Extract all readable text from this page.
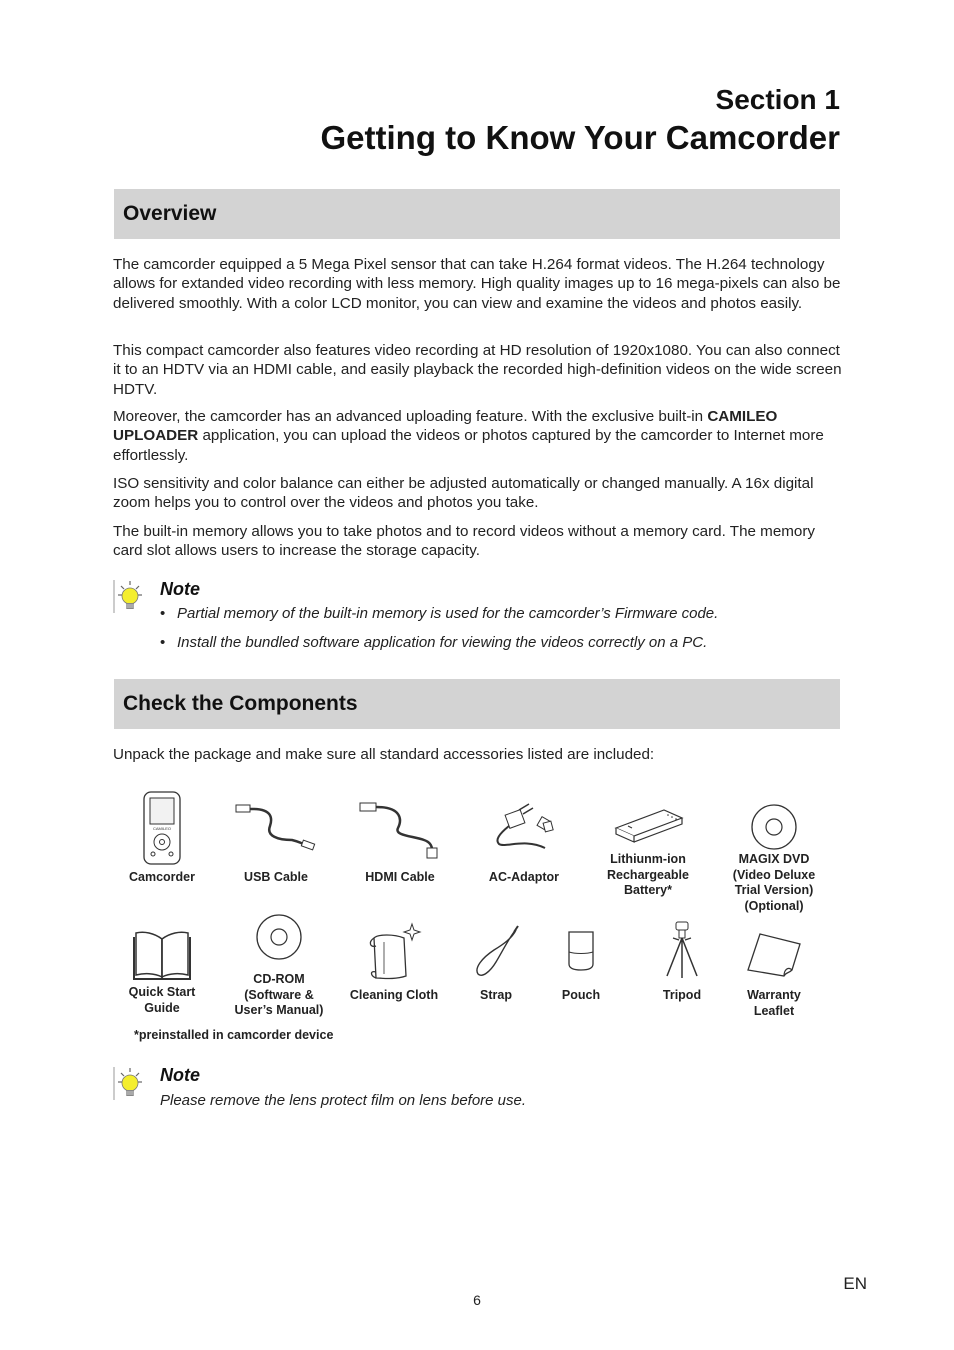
Section 1
Getting to Know Your Camcorder
Overview

The camcorder equipped a 5 Mega Pixel sensor that can take H.264 format videos. The H.264 technology allows for extanded video recording with less memory. High quality images up to 16 mega-pixels can also be delivered smoothly. With a color LCD monitor, you can view and examine the videos and photos easily.

This compact camcorder also features video recording at HD resolution of 1920x1080. You can also connect it to an HDTV via an HDMI cable, and easily playback the recorded high-definition videos on the wide screen HDTV.

Moreover, the camcorder has an advanced uploading feature. With the exclusive built-in CAMILEO UPLOADER application, you can upload the videos or photos captured by the camcorder to Internet more effortlessly.

ISO sensitivity and color balance can either be adjusted automatically or changed manually. A 16x digital zoom helps you to control over the videos and photos you take.

The built-in memory allows you to take photos and to record videos without a memory card. The memory card slot allows users to increase the storage capacity.

Note
• Partial memory of the built-in memory is used for the camcorder’s Firmware code.
• Install the bundled software application for viewing the videos correctly on a PC.
Check the Components

Unpack the package and make sure all standard accessories listed are included:

CAMILEO
Camcorder	USB Cable	HDMI Cable	AC-Adaptor
Lithiunm-ion
Rechargeable
Battery*
MAGIX DVD
(Video Deluxe
Trial Version)
(Optional)
Quick Start
Guide
CD-ROM
(Software &
User’s Manual)
Cleaning Cloth	Strap	Pouch	Tripod	Warranty
Leaflet
*preinstalled in camcorder device
Note
Please remove the lens protect film on lens before use.
EN
6
